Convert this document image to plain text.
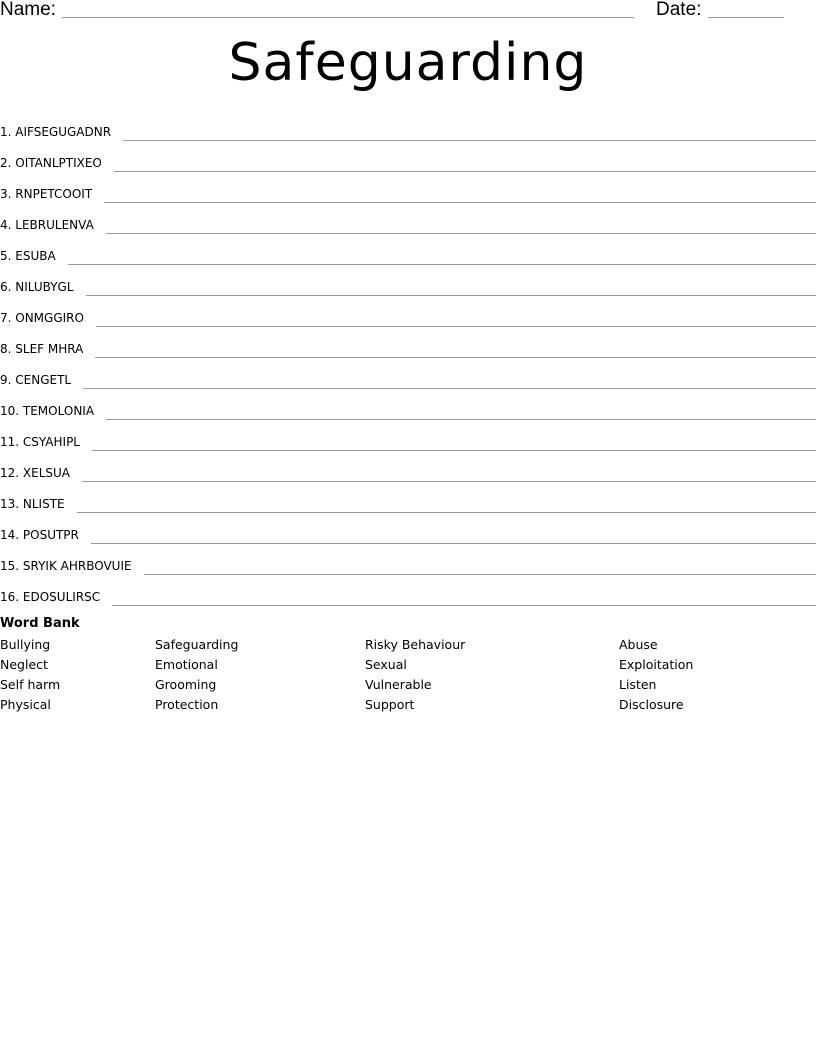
Name:	Date:
Safeguarding
1. AIFSEGUGADNR
2. OITANLPTIXEO
3. RNPETCOOIT
4. LEBRULENVA
5. ESUBA
6. NILUBYGL
7. ONMGGIRO
8. SLEF MHRA
9. CENGETL
10. TEMOLONIA
11. CSYAHIPL
12. XELSUA
13. NLISTE
14. POSUTPR
15. SRYIK AHRBOVUIE
16. EDOSULIRSC
Word Bank
Bullying
Neglect
Self harm
Physical
Safeguarding
Emotional
Grooming
Protection
Risky Behaviour
Sexual
Vulnerable
Support
Abuse
Exploitation
Listen
Disclosure
